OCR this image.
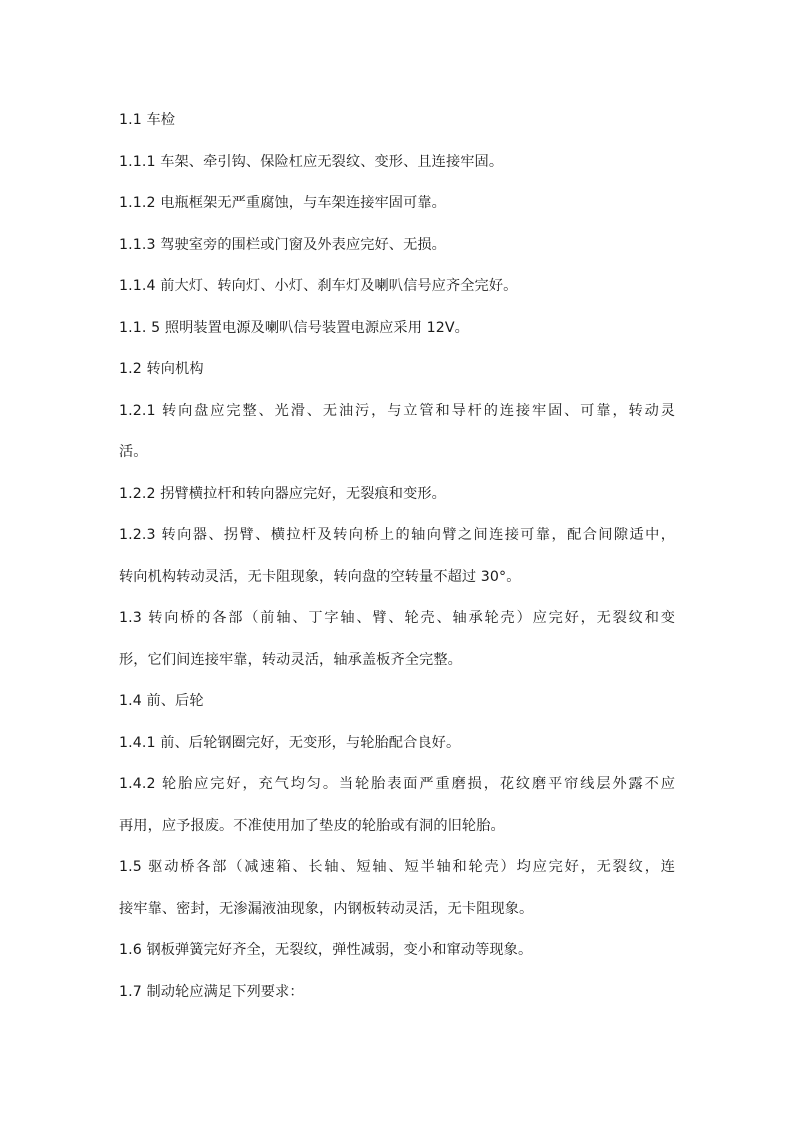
1.1 车检
1.1.1 车架、牵引钩、保险杠应无裂纹、变形、且连接牢固。
1.1.2 电瓶框架无严重腐蚀，与车架连接牢固可靠。
1.1.3 驾驶室旁的围栏或门窗及外表应完好、无损。
1.1.4 前大灯、转向灯、小灯、刹车灯及喇叭信号应齐全完好。
1.1. 5 照明装置电源及喇叭信号装置电源应采用 12V。
1.2 转向机构
1.2.1 转向盘应完整、光滑、无油污，与立管和导杆的连接牢固、可靠，转动灵
活。
1.2.2 拐臂横拉杆和转向器应完好，无裂痕和变形。
1.2.3 转向器、拐臂、横拉杆及转向桥上的轴向臂之间连接可靠，配合间隙适中，
转向机构转动灵活，无卡阻现象，转向盘的空转量不超过 30°。
1.3 转向桥的各部（前轴、丁字轴、臂、轮壳、轴承轮壳）应完好，无裂纹和变
形，它们间连接牢靠，转动灵活，轴承盖板齐全完整。
1.4 前、后轮
1.4.1 前、后轮钢圈完好，无变形，与轮胎配合良好。
1.4.2 轮胎应完好，充气均匀。当轮胎表面严重磨损，花纹磨平帘线层外露不应
再用，应予报废。不准使用加了垫皮的轮胎或有洞的旧轮胎。
1.5 驱动桥各部（减速箱、长轴、短轴、短半轴和轮壳）均应完好，无裂纹，连
接牢靠、密封，无渗漏液油现象，内钢板转动灵活，无卡阻现象。
1.6 钢板弹簧完好齐全，无裂纹，弹性减弱，变小和窜动等现象。
1.7 制动轮应满足下列要求：
